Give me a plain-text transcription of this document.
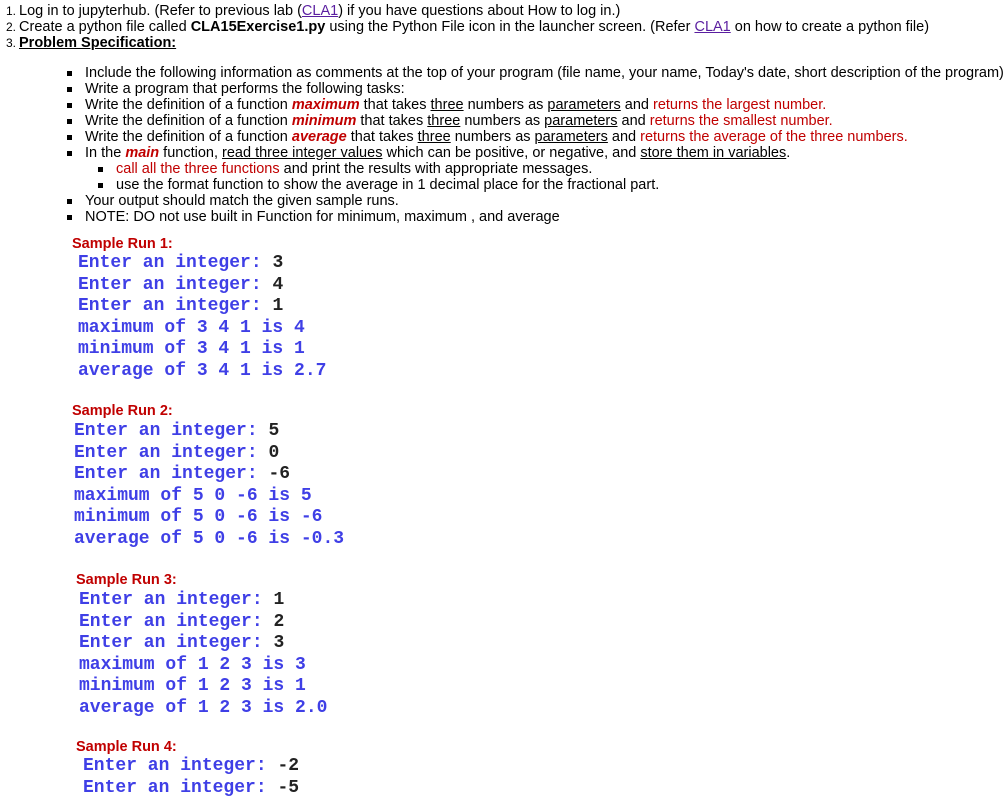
1. Log in to jupyterhub. (Refer to previous lab (CLA1) if you have questions about How to log in.)
2. Create a python file called CLA15Exercise1.py using the Python File icon in the launcher screen. (Refer CLA1 on how to create a python file)
3. Problem Specification:
Include the following information as comments at the top of your program (file name, your name, Today's date, short description of the program)
Write a program that performs the following tasks:
Write the definition of a function maximum that takes three numbers as parameters and returns the largest number.
Write the definition of a function minimum that takes three numbers as parameters and returns the smallest number.
Write the definition of a function average that takes three numbers as parameters and returns the average of the three numbers.
In the main function, read three integer values which can be positive, or negative, and store them in variables.
call all the three functions and print the results with appropriate messages.
use the format function to show the average in 1 decimal place for the fractional part.
Your output should match the given sample runs.
NOTE: DO not use built in Function for minimum, maximum , and average
Sample Run 1:
Enter an integer: 3
Enter an integer: 4
Enter an integer: 1
maximum of 3 4 1 is 4
minimum of 3 4 1 is 1
average of 3 4 1 is 2.7
Sample Run 2:
Enter an integer: 5
Enter an integer: 0
Enter an integer: -6
maximum of 5 0 -6 is 5
minimum of 5 0 -6 is -6
average of 5 0 -6 is -0.3
Sample Run 3:
Enter an integer: 1
Enter an integer: 2
Enter an integer: 3
maximum of 1 2 3 is 3
minimum of 1 2 3 is 1
average of 1 2 3 is 2.0
Sample Run 4:
Enter an integer: -2
Enter an integer: -5
